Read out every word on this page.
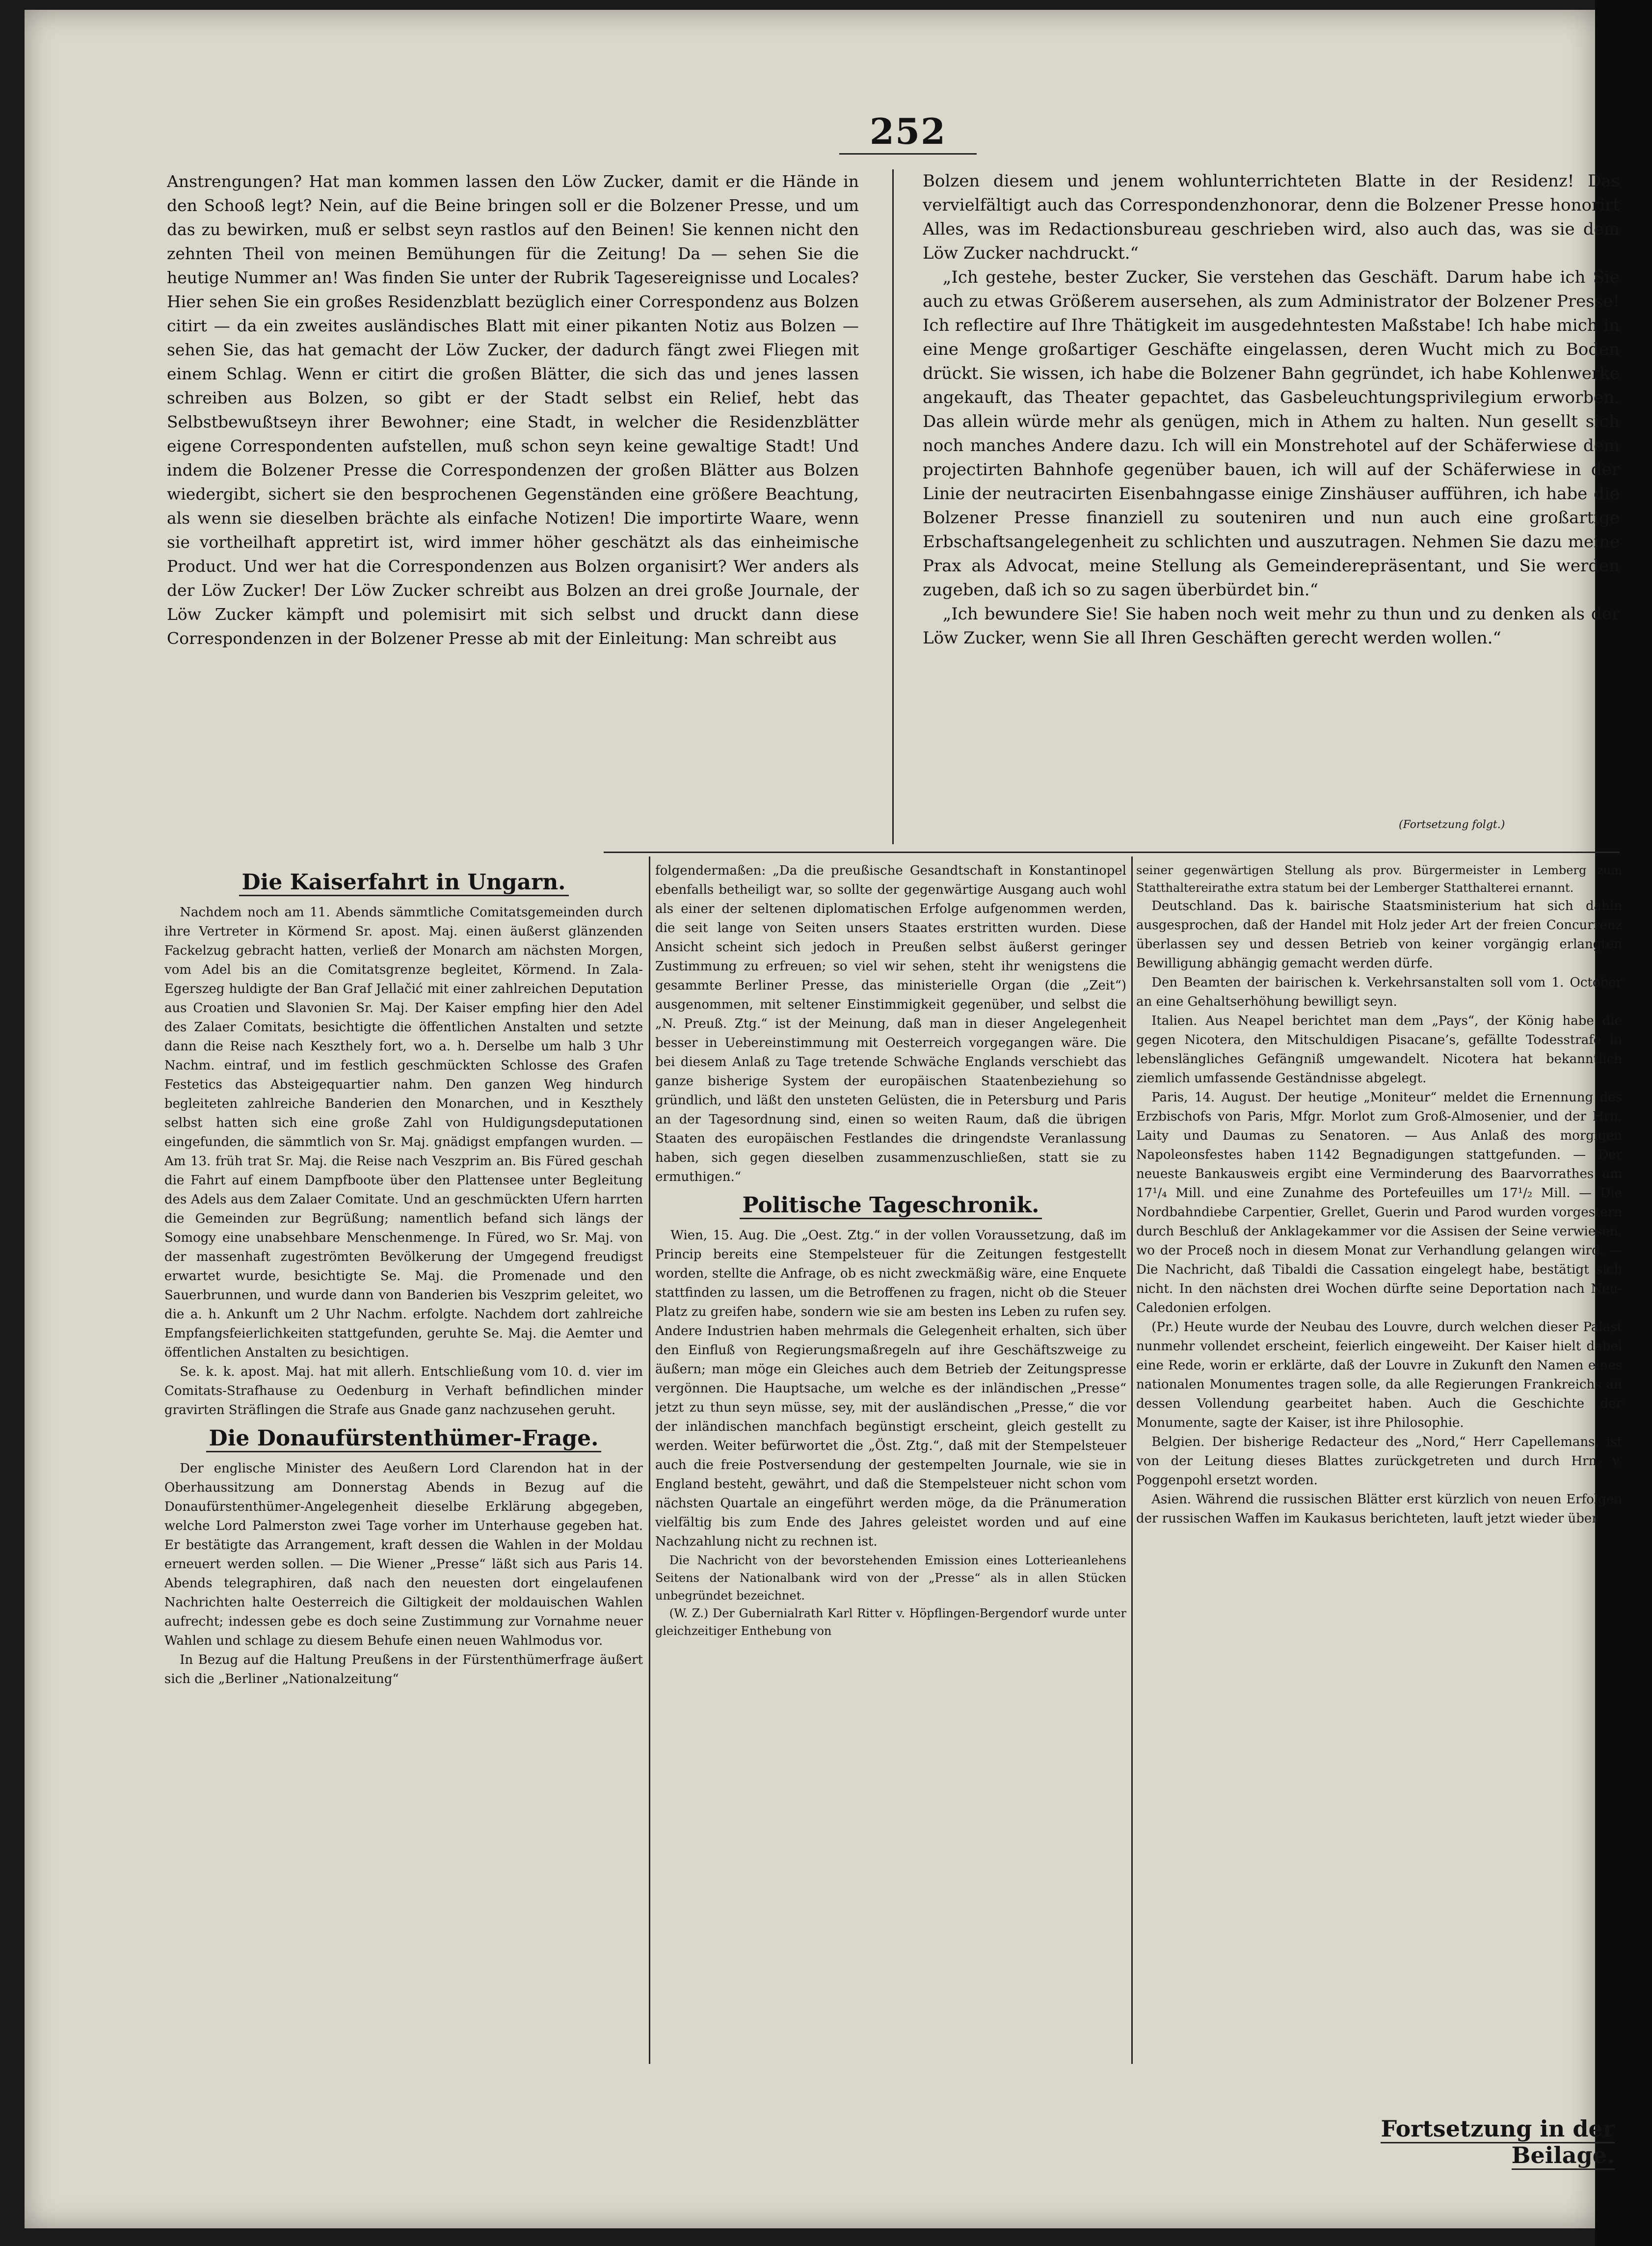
252

Anstrengungen? Hat man kommen lassen den Löw Zucker, damit er die Hände in den Schooß legt? Nein, auf die Beine bringen soll er die Bolzener Presse, und um das zu bewirken, muß er selbst seyn rastlos auf den Beinen! Sie kennen nicht den zehnten Theil von meinen Bemühungen für die Zeitung! Da — sehen Sie die heutige Nummer an! Was finden Sie unter der Rubrik Tagesereignisse und Locales? Hier sehen Sie ein großes Residenzblatt bezüglich einer Correspondenz aus Bolzen citirt — da ein zweites ausländisches Blatt mit einer pikanten Notiz aus Bolzen — sehen Sie, das hat gemacht der Löw Zucker, der dadurch fängt zwei Fliegen mit einem Schlag. Wenn er citirt die großen Blätter, die sich das und jenes lassen schreiben aus Bolzen, so gibt er der Stadt selbst ein Relief, hebt das Selbstbewußtseyn ihrer Bewohner; eine Stadt, in welcher die Residenzblätter eigene Correspondenten aufstellen, muß schon seyn keine gewaltige Stadt! Und indem die Bolzener Presse die Correspondenzen der großen Blätter aus Bolzen wiedergibt, sichert sie den besprochenen Gegenständen eine größere Beachtung, als wenn sie dieselben brächte als einfache Notizen! Die importirte Waare, wenn sie vortheilhaft appretirt ist, wird immer höher geschätzt als das einheimische Product. Und wer hat die Correspondenzen aus Bolzen organisirt? Wer anders als der Löw Zucker! Der Löw Zucker schreibt aus Bolzen an drei große Journale, der Löw Zucker kämpft und polemisirt mit sich selbst und druckt dann diese Correspondenzen in der Bolzener Presse ab mit der Einleitung: Man schreibt aus

Bolzen diesem und jenem wohlunterrichteten Blatte in der Residenz! Das vervielfältigt auch das Correspondenzhonorar, denn die Bolzener Presse honorirt Alles, was im Redactionsbureau geschrieben wird, also auch das, was sie dem Löw Zucker nachdruckt.“

„Ich gestehe, bester Zucker, Sie verstehen das Geschäft. Darum habe ich Sie auch zu etwas Größerem ausersehen, als zum Administrator der Bolzener Presse! Ich reflectire auf Ihre Thätigkeit im ausgedehntesten Maßstabe! Ich habe mich in eine Menge großartiger Geschäfte eingelassen, deren Wucht mich zu Boden drückt. Sie wissen, ich habe die Bolzener Bahn gegründet, ich habe Kohlenwerke angekauft, das Theater gepachtet, das Gasbeleuchtungsprivilegium erworben. Das allein würde mehr als genügen, mich in Athem zu halten. Nun gesellt sich noch manches Andere dazu. Ich will ein Monstrehotel auf der Schäferwiese dem projectirten Bahnhofe gegenüber bauen, ich will auf der Schäferwiese in der Linie der neutracirten Eisenbahngasse einige Zinshäuser aufführen, ich habe die Bolzener Presse finanziell zu souteniren und nun auch eine großartige Erbschaftsangelegenheit zu schlichten und auszutragen. Nehmen Sie dazu meine Prax als Advocat, meine Stellung als Gemeinderepräsentant, und Sie werden zugeben, daß ich so zu sagen überbürdet bin.“

„Ich bewundere Sie! Sie haben noch weit mehr zu thun und zu denken als der Löw Zucker, wenn Sie all Ihren Geschäften gerecht werden wollen.“

(Fortsetzung folgt.)
Die Kaiserfahrt in Ungarn.

Nachdem noch am 11. Abends sämmtliche Comitatsgemeinden durch ihre Vertreter in Körmend Sr. apost. Maj. einen äußerst glänzenden Fackelzug gebracht hatten, verließ der Monarch am nächsten Morgen, vom Adel bis an die Comitatsgrenze begleitet, Körmend. In Zala-Egerszeg huldigte der Ban Graf Jellačić mit einer zahlreichen Deputation aus Croatien und Slavonien Sr. Maj. Der Kaiser empfing hier den Adel des Zalaer Comitats, besichtigte die öffentlichen Anstalten und setzte dann die Reise nach Keszthely fort, wo a. h. Derselbe um halb 3 Uhr Nachm. eintraf, und im festlich geschmückten Schlosse des Grafen Festetics das Absteigequartier nahm. Den ganzen Weg hindurch begleiteten zahlreiche Banderien den Monarchen, und in Keszthely selbst hatten sich eine große Zahl von Huldigungsdeputationen eingefunden, die sämmtlich von Sr. Maj. gnädigst empfangen wurden. — Am 13. früh trat Sr. Maj. die Reise nach Veszprim an. Bis Füred geschah die Fahrt auf einem Dampfboote über den Plattensee unter Begleitung des Adels aus dem Zalaer Comitate. Und an geschmückten Ufern harrten die Gemeinden zur Begrüßung; namentlich befand sich längs der Somogy eine unabsehbare Menschenmenge. In Füred, wo Sr. Maj. von der massenhaft zugeströmten Bevölkerung der Umgegend freudigst erwartet wurde, besichtigte Se. Maj. die Promenade und den Sauerbrunnen, und wurde dann von Banderien bis Veszprim geleitet, wo die a. h. Ankunft um 2 Uhr Nachm. erfolgte. Nachdem dort zahlreiche Empfangsfeierlichkeiten stattgefunden, geruhte Se. Maj. die Aemter und öffentlichen Anstalten zu besichtigen.

Se. k. k. apost. Maj. hat mit allerh. Entschließung vom 10. d. vier im Comitats-Strafhause zu Oedenburg in Verhaft befindlichen minder gravirten Sträflingen die Strafe aus Gnade ganz nachzusehen geruht.

Die Donaufürstenthümer-Frage.

Der englische Minister des Aeußern Lord Clarendon hat in der Oberhaussitzung am Donnerstag Abends in Bezug auf die Donaufürstenthümer-Angelegenheit dieselbe Erklärung abgegeben, welche Lord Palmerston zwei Tage vorher im Unterhause gegeben hat. Er bestätigte das Arrangement, kraft dessen die Wahlen in der Moldau erneuert werden sollen. — Die Wiener „Presse“ läßt sich aus Paris 14. Abends telegraphiren, daß nach den neuesten dort eingelaufenen Nachrichten halte Oesterreich die Giltigkeit der moldauischen Wahlen aufrecht; indessen gebe es doch seine Zustimmung zur Vornahme neuer Wahlen und schlage zu diesem Behufe einen neuen Wahlmodus vor.

In Bezug auf die Haltung Preußens in der Fürstenthümerfrage äußert sich die „Berliner „Nationalzeitung“

folgendermaßen: „Da die preußische Gesandtschaft in Konstantinopel ebenfalls betheiligt war, so sollte der gegenwärtige Ausgang auch wohl als einer der seltenen diplomatischen Erfolge aufgenommen werden, die seit lange von Seiten unsers Staates erstritten wurden. Diese Ansicht scheint sich jedoch in Preußen selbst äußerst geringer Zustimmung zu erfreuen; so viel wir sehen, steht ihr wenigstens die gesammte Berliner Presse, das ministerielle Organ (die „Zeit“) ausgenommen, mit seltener Einstimmigkeit gegenüber, und selbst die „N. Preuß. Ztg.“ ist der Meinung, daß man in dieser Angelegenheit besser in Uebereinstimmung mit Oesterreich vorgegangen wäre. Die bei diesem Anlaß zu Tage tretende Schwäche Englands verschiebt das ganze bisherige System der europäischen Staatenbeziehung so gründlich, und läßt den unsteten Gelüsten, die in Petersburg und Paris an der Tagesordnung sind, einen so weiten Raum, daß die übrigen Staaten des europäischen Festlandes die dringendste Veranlassung haben, sich gegen dieselben zusammenzuschließen, statt sie zu ermuthigen.“

Politische Tageschronik.

Wien, 15. Aug. Die „Oest. Ztg.“ in der vollen Voraussetzung, daß im Princip bereits eine Stempelsteuer für die Zeitungen festgestellt worden, stellte die Anfrage, ob es nicht zweckmäßig wäre, eine Enquete stattfinden zu lassen, um die Betroffenen zu fragen, nicht ob die Steuer Platz zu greifen habe, sondern wie sie am besten ins Leben zu rufen sey. Andere Industrien haben mehrmals die Gelegenheit erhalten, sich über den Einfluß von Regierungsmaßregeln auf ihre Geschäftszweige zu äußern; man möge ein Gleiches auch dem Betrieb der Zeitungspresse vergönnen. Die Hauptsache, um welche es der inländischen „Presse“ jetzt zu thun seyn müsse, sey, mit der ausländischen „Presse,“ die vor der inländischen manchfach begünstigt erscheint, gleich gestellt zu werden. Weiter befürwortet die „Öst. Ztg.“, daß mit der Stempelsteuer auch die freie Postversendung der gestempelten Journale, wie sie in England besteht, gewährt, und daß die Stempelsteuer nicht schon vom nächsten Quartale an eingeführt werden möge, da die Pränumeration vielfältig bis zum Ende des Jahres geleistet worden und auf eine Nachzahlung nicht zu rechnen ist.

Die Nachricht von der bevorstehenden Emission eines Lotterieanlehens Seitens der Nationalbank wird von der „Presse“ als in allen Stücken unbegründet bezeichnet.

(W. Z.) Der Gubernialrath Karl Ritter v. Höpflingen-Bergendorf wurde unter gleichzeitiger Enthebung von

seiner gegenwärtigen Stellung als prov. Bürgermeister in Lemberg zum Statthaltereirathe extra statum bei der Lemberger Statthalterei ernannt.

Deutschland. Das k. bairische Staatsministerium hat sich dahin ausgesprochen, daß der Handel mit Holz jeder Art der freien Concurrenz überlassen sey und dessen Betrieb von keiner vorgängig erlangten Bewilligung abhängig gemacht werden dürfe.

Den Beamten der bairischen k. Verkehrsanstalten soll vom 1. October an eine Gehaltserhöhung bewilligt seyn.

Italien. Aus Neapel berichtet man dem „Pays“, der König habe die gegen Nicotera, den Mitschuldigen Pisacane’s, gefällte Todesstrafe in lebenslängliches Gefängniß umgewandelt. Nicotera hat bekanntlich ziemlich umfassende Geständnisse abgelegt.

Paris, 14. August. Der heutige „Moniteur“ meldet die Ernennung des Erzbischofs von Paris, Mfgr. Morlot zum Groß-Almosenier, und der Hrn. Laity und Daumas zu Senatoren. — Aus Anlaß des morgigen Napoleonsfestes haben 1142 Begnadigungen stattgefunden. — Der neueste Bankausweis ergibt eine Verminderung des Baarvorrathes um 17¹/₄ Mill. und eine Zunahme des Portefeuilles um 17¹/₂ Mill. — Die Nordbahndiebe Carpentier, Grellet, Guerin und Parod wurden vorgestern durch Beschluß der Anklagekammer vor die Assisen der Seine verwiesen, wo der Proceß noch in diesem Monat zur Verhandlung gelangen wird. — Die Nachricht, daß Tibaldi die Cassation eingelegt habe, bestätigt sich nicht. In den nächsten drei Wochen dürfte seine Deportation nach Neu-Caledonien erfolgen.

(Pr.) Heute wurde der Neubau des Louvre, durch welchen dieser Palast nunmehr vollendet erscheint, feierlich eingeweiht. Der Kaiser hielt dabei eine Rede, worin er erklärte, daß der Louvre in Zukunft den Namen eines nationalen Monumentes tragen solle, da alle Regierungen Frankreichs an dessen Vollendung gearbeitet haben. Auch die Geschichte der Monumente, sagte der Kaiser, ist ihre Philosophie.

Belgien. Der bisherige Redacteur des „Nord,“ Herr Capellemans, ist von der Leitung dieses Blattes zurückgetreten und durch Hrn. v. Poggenpohl ersetzt worden.

Asien. Während die russischen Blätter erst kürzlich von neuen Erfolgen der russischen Waffen im Kaukasus berichteten, lauft jetzt wieder über

Fortsetzung in der Beilage.
